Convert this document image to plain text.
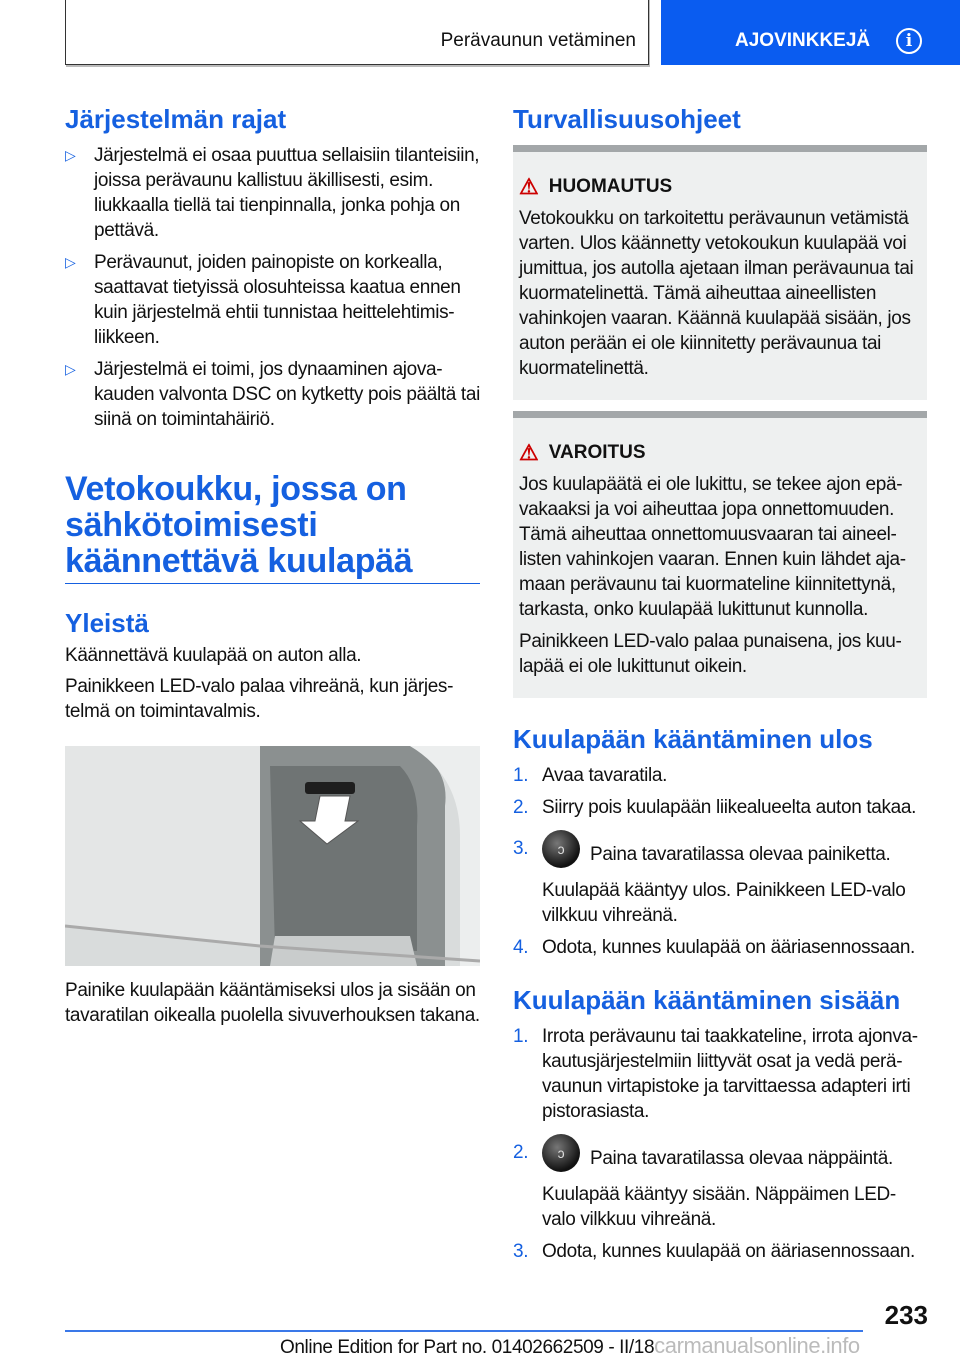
Perävaunun vetäminen	AJOVINKKEJÄ	i
Järjestelmän rajat
▷ Järjestelmä ei osaa puuttua sellaisiin tilanteisiin, joissa perävaunu kallistuu äkillisesti, esim. liukkaalla tiellä tai tienpinnalla, jonka pohja on pettävä.
▷ Perävaunut, joiden painopiste on korkealla, saattavat tietyissä olosuhteissa kaatua ennen kuin järjestelmä ehtii tunnistaa heittelehtimisliikkeen.
▷ Järjestelmä ei toimi, jos dynaaminen ajovakauden valvonta DSC on kytketty pois päältä tai siinä on toimintahäiriö.
Vetokoukku, jossa on sähkötoimisesti käännettävä kuulapää
Yleistä

Käännettävä kuulapää on auton alla.

Painikkeen LED-valo palaa vihreänä, kun järjestelmä on toimintavalmis.

Painike kuulapään kääntämiseksi ulos ja sisään on tavaratilan oikealla puolella sivuverhouksen takana.

Turvallisuusohjeet
⚠ HUOMAUTUS

Vetokoukku on tarkoitettu perävaunun vetämistä varten. Ulos käännetty vetokoukun kuulapää voi jumittua, jos autolla ajetaan ilman perävaunua tai kuormatelinettä. Tämä aiheuttaa aineellisten vahinkojen vaaran. Käännä kuulapää sisään, jos auton perään ei ole kiinnitetty perävaunua tai kuormatelinettä.

⚠ VAROITUS

Jos kuulapäätä ei ole lukittu, se tekee ajon epävakaaksi ja voi aiheuttaa jopa onnettomuuden. Tämä aiheuttaa onnettomuusvaaran tai aineellisten vahinkojen vaaran. Ennen kuin lähdet ajamaan perävaunu tai kuormateline kiinnitettynä, tarkasta, onko kuulapää lukittunut kunnolla.

Painikkeen LED-valo palaa punaisena, jos kuulapää ei ole lukittunut oikein.

Kuulapään kääntäminen ulos
1. Avaa tavaratila.
2. Siirry pois kuulapään liikealueelta auton takaa.
3. ↄ Paina tavaratilassa olevaa painiketta.

Kuulapää kääntyy ulos. Painikkeen LED-valo vilkkuu vihreänä.

4. Odota, kunnes kuulapää on ääriasennossaan.
Kuulapään kääntäminen sisään
1. Irrota perävaunu tai taakkateline, irrota ajonvakautusjärjestelmiin liittyvät osat ja vedä perävaunun virtapistoke ja tarvittaessa adapteri irti pistorasiasta.
2. ↄ Paina tavaratilassa olevaa näppäintä.

Kuulapää kääntyy sisään. Näppäimen LED-valo vilkkuu vihreänä.

3. Odota, kunnes kuulapää on ääriasennossaan.
233
Online Edition for Part no. 01402662509 - II/18carmanualsonline.info
